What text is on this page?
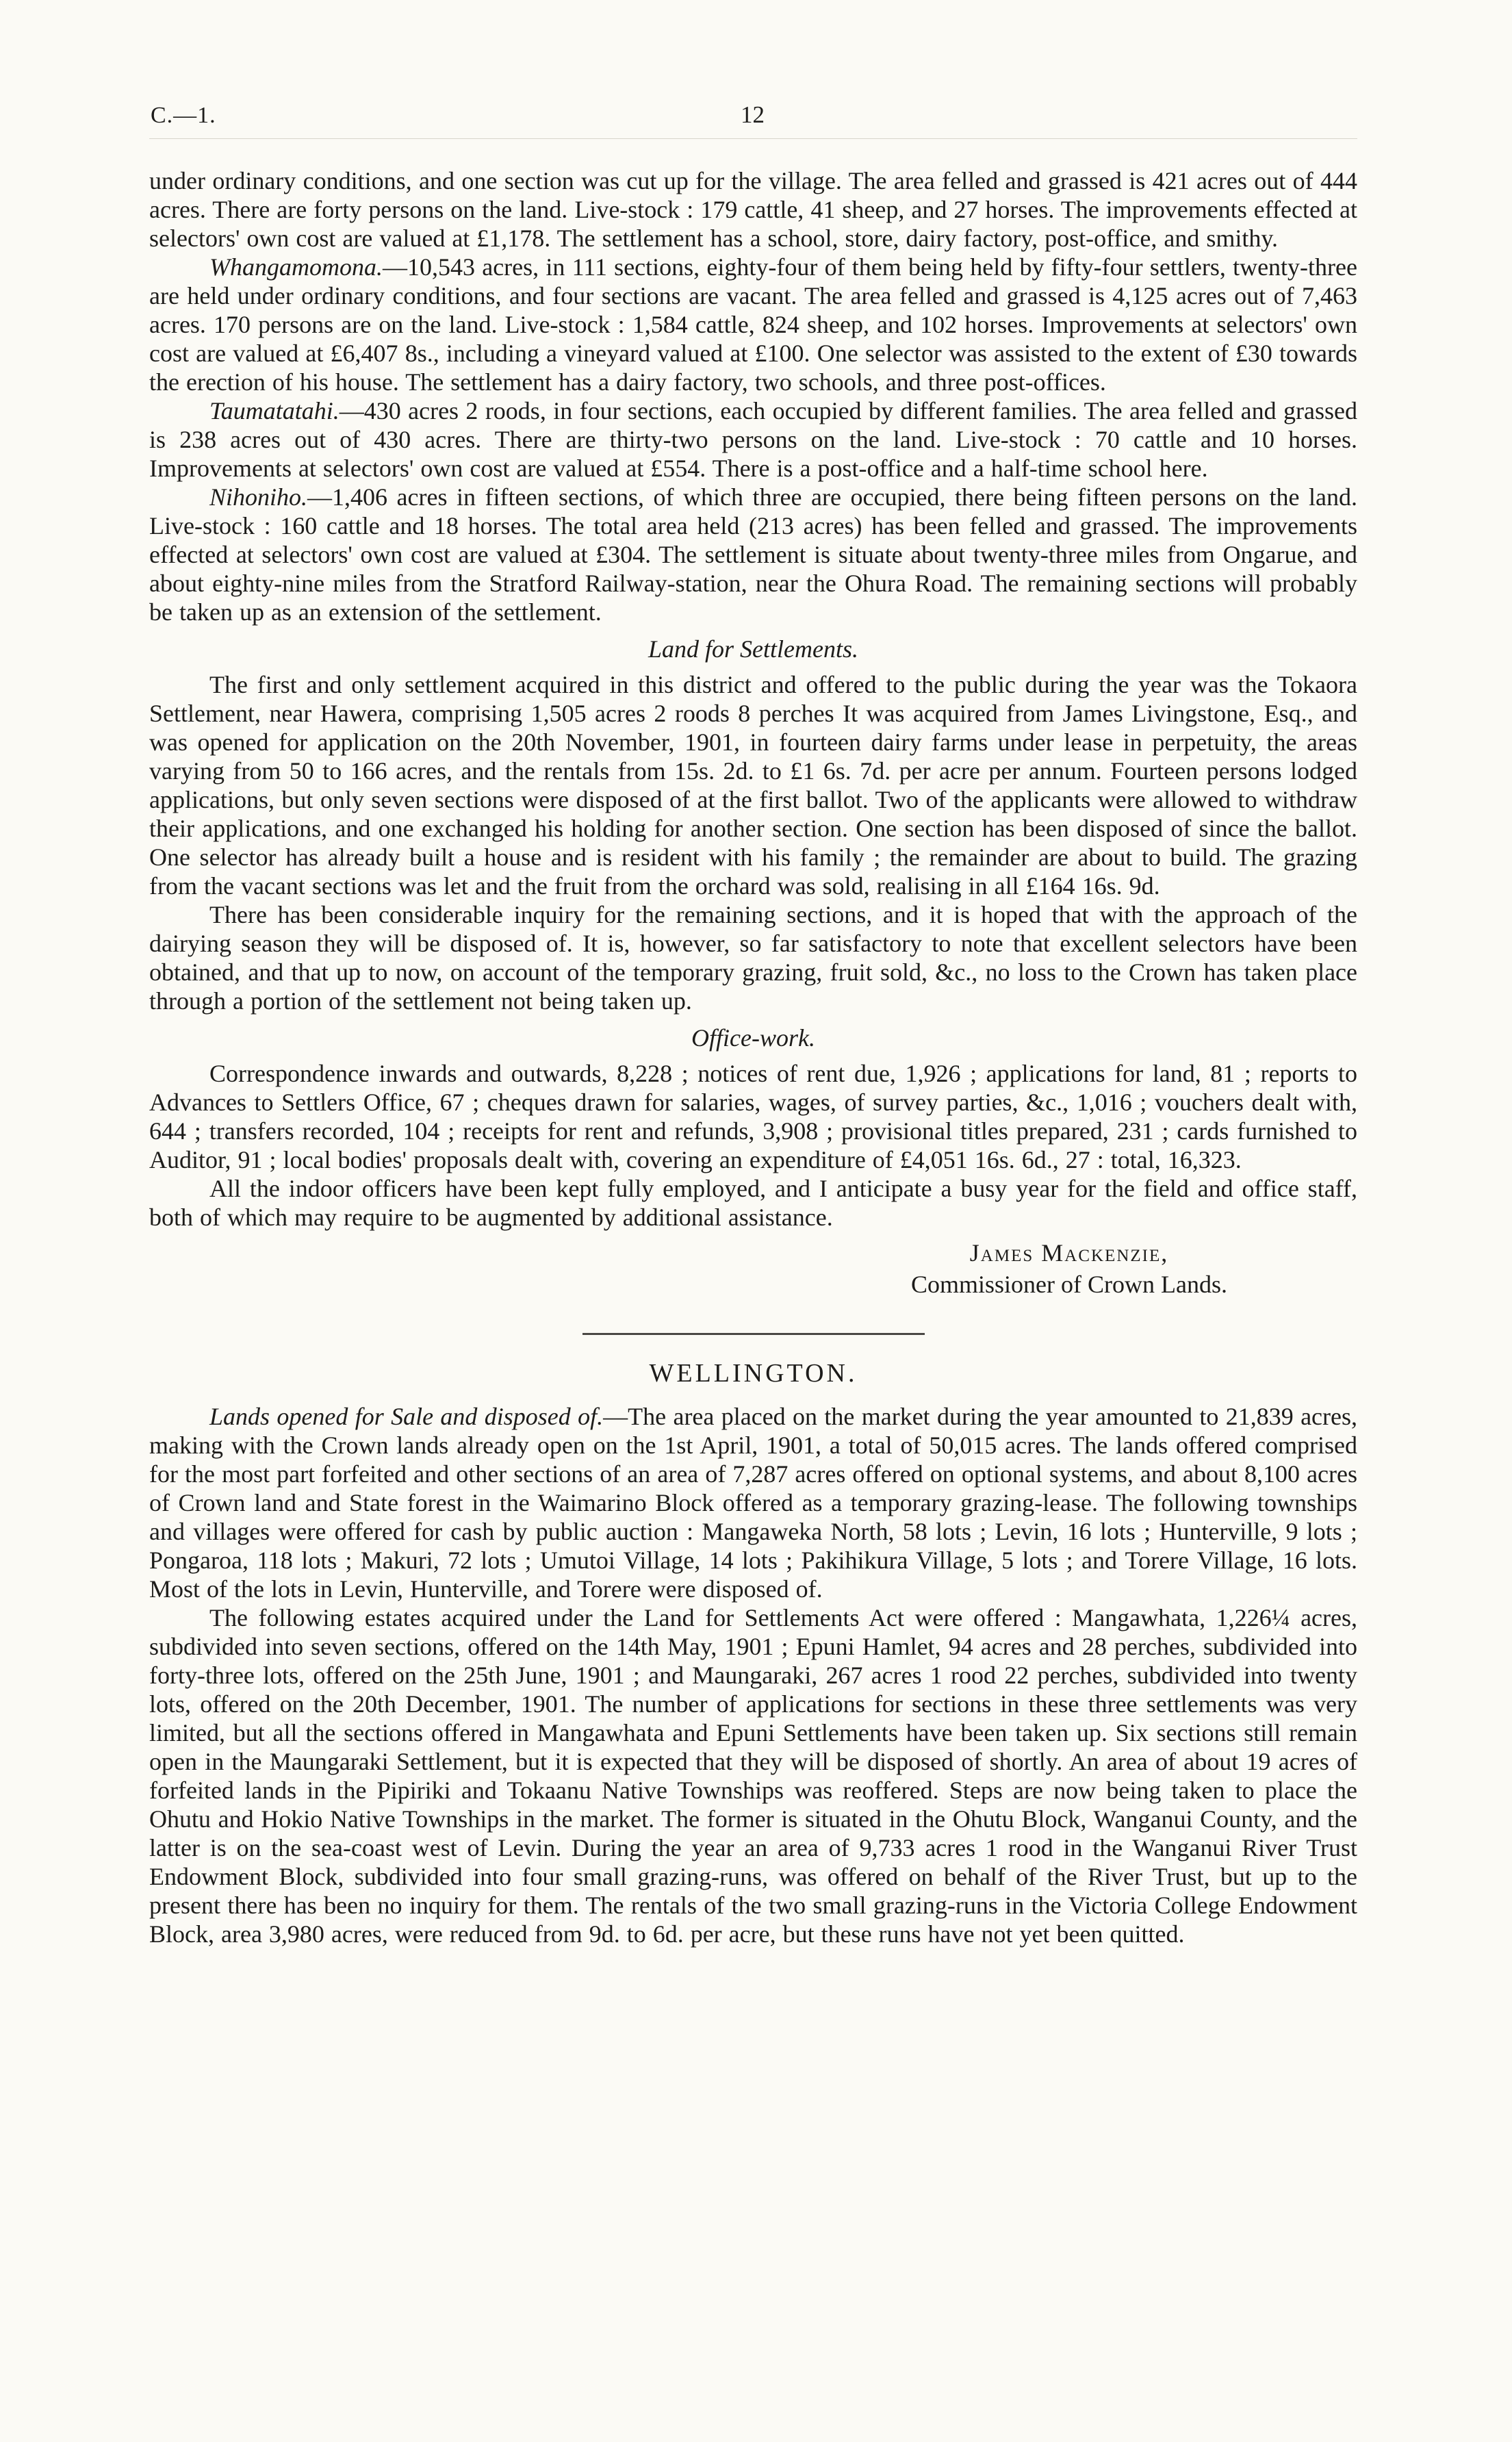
C.—1.	12

under ordinary conditions, and one section was cut up for the village. The area felled and grassed is 421 acres out of 444 acres. There are forty persons on the land. Live-stock : 179 cattle, 41 sheep, and 27 horses. The improvements effected at selectors' own cost are valued at £1,178. The settlement has a school, store, dairy factory, post-office, and smithy.

Whangamomona.—10,543 acres, in 111 sections, eighty-four of them being held by fifty-four settlers, twenty-three are held under ordinary conditions, and four sections are vacant. The area felled and grassed is 4,125 acres out of 7,463 acres. 170 persons are on the land. Live-stock : 1,584 cattle, 824 sheep, and 102 horses. Improvements at selectors' own cost are valued at £6,407 8s., including a vineyard valued at £100. One selector was assisted to the extent of £30 towards the erection of his house. The settlement has a dairy factory, two schools, and three post-offices.

Taumatatahi.—430 acres 2 roods, in four sections, each occupied by different families. The area felled and grassed is 238 acres out of 430 acres. There are thirty-two persons on the land. Live-stock : 70 cattle and 10 horses. Improvements at selectors' own cost are valued at £554. There is a post-office and a half-time school here.

Nihoniho.—1,406 acres in fifteen sections, of which three are occupied, there being fifteen persons on the land. Live-stock : 160 cattle and 18 horses. The total area held (213 acres) has been felled and grassed. The improvements effected at selectors' own cost are valued at £304. The settlement is situate about twenty-three miles from Ongarue, and about eighty-nine miles from the Stratford Railway-station, near the Ohura Road. The remaining sections will probably be taken up as an extension of the settlement.

Land for Settlements.

The first and only settlement acquired in this district and offered to the public during the year was the Tokaora Settlement, near Hawera, comprising 1,505 acres 2 roods 8 perches It was acquired from James Livingstone, Esq., and was opened for application on the 20th November, 1901, in fourteen dairy farms under lease in perpetuity, the areas varying from 50 to 166 acres, and the rentals from 15s. 2d. to £1 6s. 7d. per acre per annum. Fourteen persons lodged applications, but only seven sections were disposed of at the first ballot. Two of the applicants were allowed to withdraw their applications, and one exchanged his holding for another section. One section has been disposed of since the ballot. One selector has already built a house and is resident with his family ; the remainder are about to build. The grazing from the vacant sections was let and the fruit from the orchard was sold, realising in all £164 16s. 9d.

There has been considerable inquiry for the remaining sections, and it is hoped that with the approach of the dairying season they will be disposed of. It is, however, so far satisfactory to note that excellent selectors have been obtained, and that up to now, on account of the temporary grazing, fruit sold, &c., no loss to the Crown has taken place through a portion of the settlement not being taken up.

Office-work.

Correspondence inwards and outwards, 8,228 ; notices of rent due, 1,926 ; applications for land, 81 ; reports to Advances to Settlers Office, 67 ; cheques drawn for salaries, wages, of survey parties, &c., 1,016 ; vouchers dealt with, 644 ; transfers recorded, 104 ; receipts for rent and refunds, 3,908 ; provisional titles prepared, 231 ; cards furnished to Auditor, 91 ; local bodies' proposals dealt with, covering an expenditure of £4,051 16s. 6d., 27 : total, 16,323.

All the indoor officers have been kept fully employed, and I anticipate a busy year for the field and office staff, both of which may require to be augmented by additional assistance.

James Mackenzie,
Commissioner of Crown Lands.
WELLINGTON.

Lands opened for Sale and disposed of.—The area placed on the market during the year amounted to 21,839 acres, making with the Crown lands already open on the 1st April, 1901, a total of 50,015 acres. The lands offered comprised for the most part forfeited and other sections of an area of 7,287 acres offered on optional systems, and about 8,100 acres of Crown land and State forest in the Waimarino Block offered as a temporary grazing-lease. The following townships and villages were offered for cash by public auction : Mangaweka North, 58 lots ; Levin, 16 lots ; Hunterville, 9 lots ; Pongaroa, 118 lots ; Makuri, 72 lots ; Umutoi Village, 14 lots ; Pakihikura Village, 5 lots ; and Torere Village, 16 lots. Most of the lots in Levin, Hunterville, and Torere were disposed of.

The following estates acquired under the Land for Settlements Act were offered : Mangawhata, 1,226¼ acres, subdivided into seven sections, offered on the 14th May, 1901 ; Epuni Hamlet, 94 acres and 28 perches, subdivided into forty-three lots, offered on the 25th June, 1901 ; and Maungaraki, 267 acres 1 rood 22 perches, subdivided into twenty lots, offered on the 20th December, 1901. The number of applications for sections in these three settlements was very limited, but all the sections offered in Mangawhata and Epuni Settlements have been taken up. Six sections still remain open in the Maungaraki Settlement, but it is expected that they will be disposed of shortly. An area of about 19 acres of forfeited lands in the Pipiriki and Tokaanu Native Townships was reoffered. Steps are now being taken to place the Ohutu and Hokio Native Townships in the market. The former is situated in the Ohutu Block, Wanganui County, and the latter is on the sea-coast west of Levin. During the year an area of 9,733 acres 1 rood in the Wanganui River Trust Endowment Block, subdivided into four small grazing-runs, was offered on behalf of the River Trust, but up to the present there has been no inquiry for them. The rentals of the two small grazing-runs in the Victoria College Endowment Block, area 3,980 acres, were reduced from 9d. to 6d. per acre, but these runs have not yet been quitted.
